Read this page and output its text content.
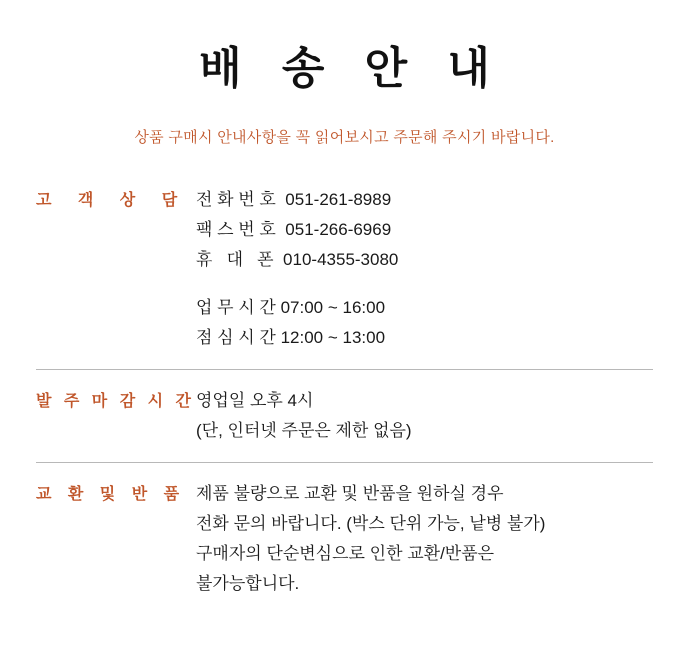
배 송 안 내

상품 구매시 안내사항을 꼭 읽어보시고 주문해 주시기 바랍니다.

고 객 상 담 전 화 번 호  051-261-8989
팩 스 번 호  051-266-6969
휴   대   폰  010-4355-3080
업 무 시 간 07:00 ~ 16:00
점 심 시 간 12:00 ~ 13:00
발 주 마 감 시 간 영업일 오후 4시
(단, 인터넷 주문은 제한 없음)
교 환 및 반 품 제품 불량으로 교환 및 반품을 원하실 경우
전화 문의 바랍니다. (박스 단위 가능, 낱병 불가)
구매자의 단순변심으로 인한 교환/반품은
불가능합니다.
